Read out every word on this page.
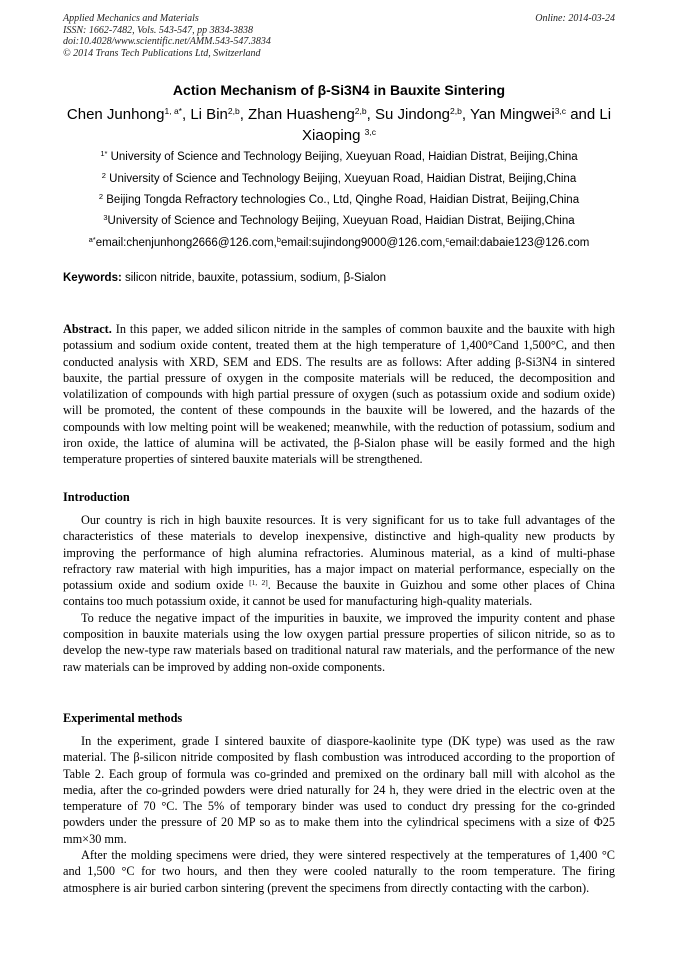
Applied Mechanics and Materials
ISSN: 1662-7482, Vols. 543-547, pp 3834-3838
doi:10.4028/www.scientific.net/AMM.543-547.3834
© 2014 Trans Tech Publications Ltd, Switzerland
Online: 2014-03-24
Action Mechanism of β-Si3N4 in Bauxite Sintering
Chen Junhong$^{1, a*}$, Li Bin$^{2,b}$, Zhan Huasheng$^{2,b}$, Su Jindong$^{2,b}$, Yan Mingwei$^{3,c}$ and Li Xiaoping $^{3,c}$
$^{1*}$ University of Science and Technology Beijing, Xueyuan Road, Haidian Distrat, Beijing,China
$^2$ University of Science and Technology Beijing, Xueyuan Road, Haidian Distrat, Beijing,China
$^2$ Beijing Tongda Refractory technologies Co., Ltd, Qinghe Road, Haidian Distrat, Beijing,China
$^3$University of Science and Technology Beijing, Xueyuan Road, Haidian Distrat, Beijing,China
$^{a*}$email:chenjunhong2666@126.com,$^b$email:sujindong9000@126.com,$^c$email:dabaie123@126.com
Keywords: silicon nitride, bauxite, potassium, sodium, β-Sialon

Abstract. In this paper, we added silicon nitride in the samples of common bauxite and the bauxite with high potassium and sodium oxide content, treated them at the high temperature of 1,400°Cand 1,500°C, and then conducted analysis with XRD, SEM and EDS. The results are as follows: After adding β-Si3N4 in sintered bauxite, the partial pressure of oxygen in the composite materials will be reduced, the decomposition and volatilization of compounds with high partial pressure of oxygen (such as potassium oxide and sodium oxide) will be promoted, the content of these compounds in the bauxite will be lowered, and the hazards of the compounds with low melting point will be weakened; meanwhile, with the reduction of potassium, sodium and iron oxide, the lattice of alumina will be activated, the β-Sialon phase will be easily formed and the high temperature properties of sintered bauxite materials will be strengthened.

Introduction

Our country is rich in high bauxite resources. It is very significant for us to take full advantages of the characteristics of these materials to develop inexpensive, distinctive and high-quality new products by improving the performance of high alumina refractories. Aluminous material, as a kind of multi-phase refractory raw material with high impurities, has a major impact on material performance, especially on the potassium oxide and sodium oxide [1, 2]. Because the bauxite in Guizhou and some other places of China contains too much potassium oxide, it cannot be used for manufacturing high-quality materials.

To reduce the negative impact of the impurities in bauxite, we improved the impurity content and phase composition in bauxite materials using the low oxygen partial pressure properties of silicon nitride, so as to develop the new-type raw materials based on traditional natural raw materials, and the performance of the new raw materials can be improved by adding non-oxide components.

Experimental methods

In the experiment, grade I sintered bauxite of diaspore-kaolinite type (DK type) was used as the raw material. The β-silicon nitride composited by flash combustion was introduced according to the proportion of Table 2. Each group of formula was co-grinded and premixed on the ordinary ball mill with alcohol as the media, after the co-grinded powders were dried naturally for 24 h, they were dried in the electric oven at the temperature of 70 °C. The 5% of temporary binder was used to conduct dry pressing for the co-grinded powders under the pressure of 20 MP so as to make them into the cylindrical specimens with a size of Φ25 mm×30 mm.

After the molding specimens were dried, they were sintered respectively at the temperatures of 1,400 °C and 1,500 °C for two hours, and then they were cooled naturally to the room temperature. The firing atmosphere is air buried carbon sintering (prevent the specimens from directly contacting with the carbon).
